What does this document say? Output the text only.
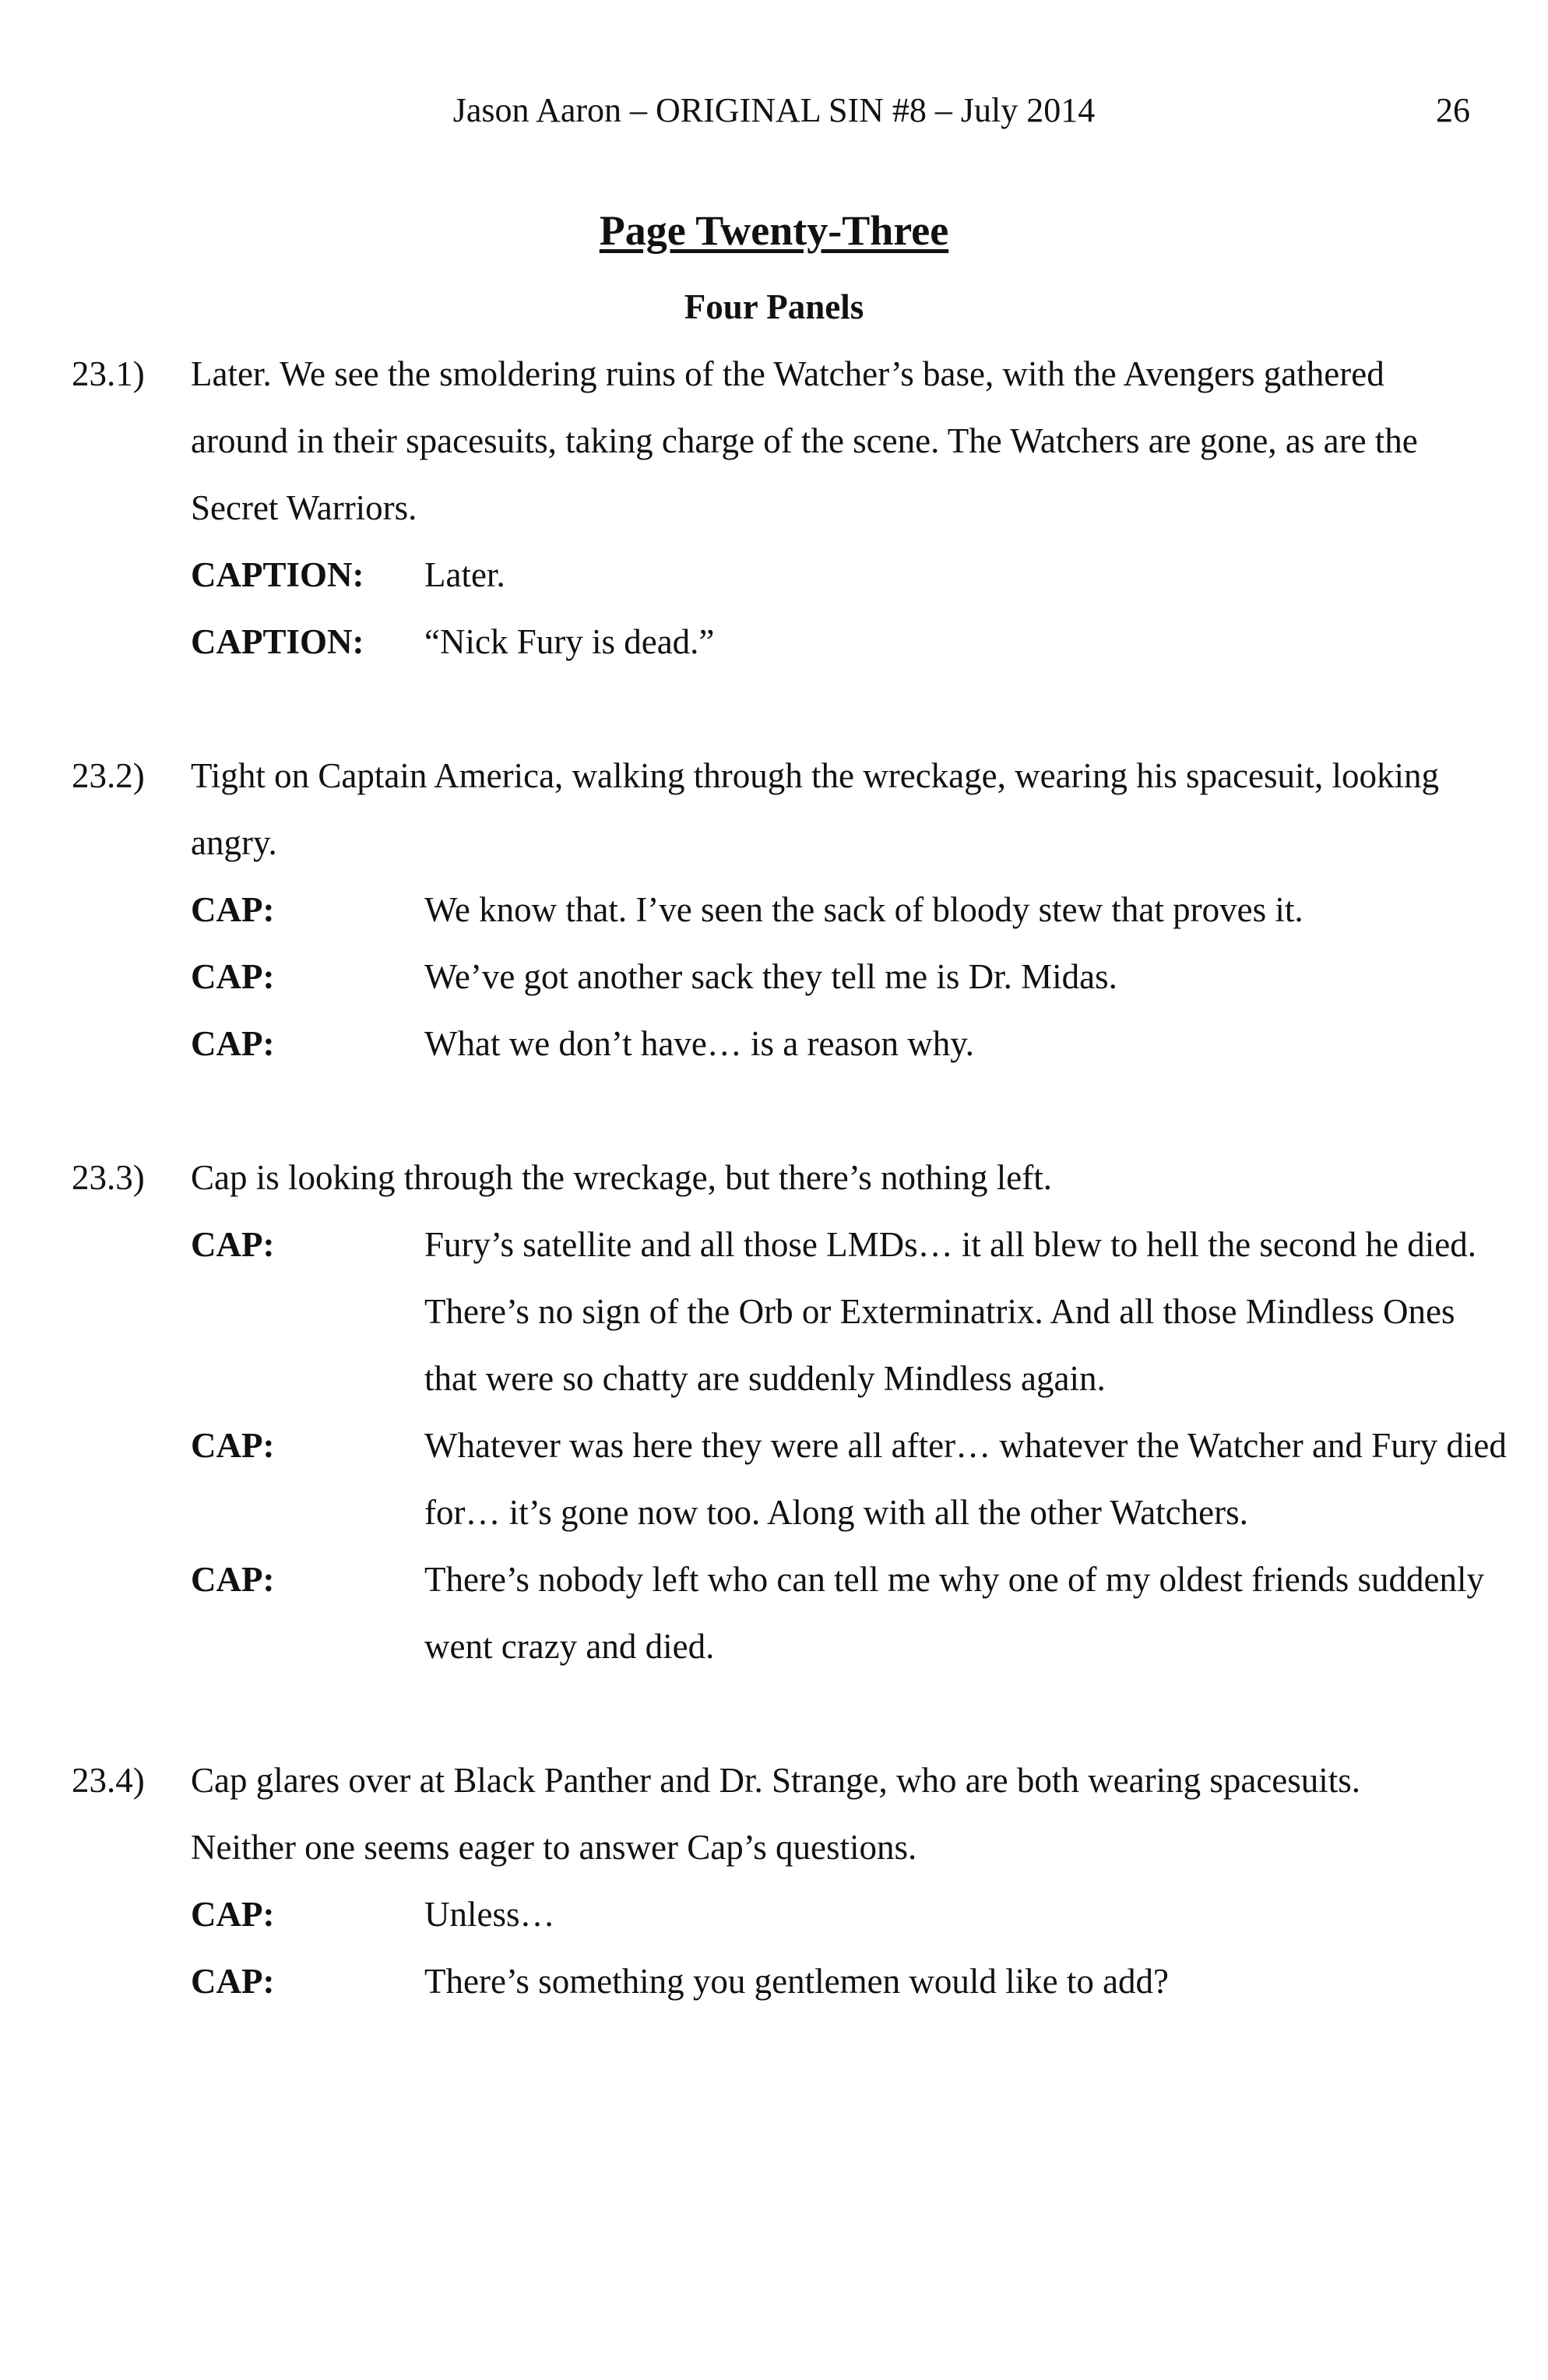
Jason Aaron – ORIGINAL SIN #8 – July 2014	26
Page Twenty-Three
Four Panels
23.1) Later. We see the smoldering ruins of the Watcher’s base, with the Avengers gathered around in their spacesuits, taking charge of the scene. The Watchers are gone, as are the Secret Warriors.
CAPTION: Later.
CAPTION: “Nick Fury is dead.”
23.2) Tight on Captain America, walking through the wreckage, wearing his spacesuit, looking angry.
CAP:	We know that. I’ve seen the sack of bloody stew that proves it.
CAP:	We’ve got another sack they tell me is Dr. Midas.
CAP:	What we don’t have… is a reason why.
23.3) Cap is looking through the wreckage, but there’s nothing left.
CAP:	Fury’s satellite and all those LMDs… it all blew to hell the second he died. There’s no sign of the Orb or Exterminatrix. And all those Mindless Ones that were so chatty are suddenly Mindless again.
CAP:	Whatever was here they were all after… whatever the Watcher and Fury died for… it’s gone now too. Along with all the other Watchers.
CAP:	There’s nobody left who can tell me why one of my oldest friends suddenly went crazy and died.
23.4) Cap glares over at Black Panther and Dr. Strange, who are both wearing spacesuits. Neither one seems eager to answer Cap’s questions.
CAP:	Unless…
CAP:	There’s something you gentlemen would like to add?
